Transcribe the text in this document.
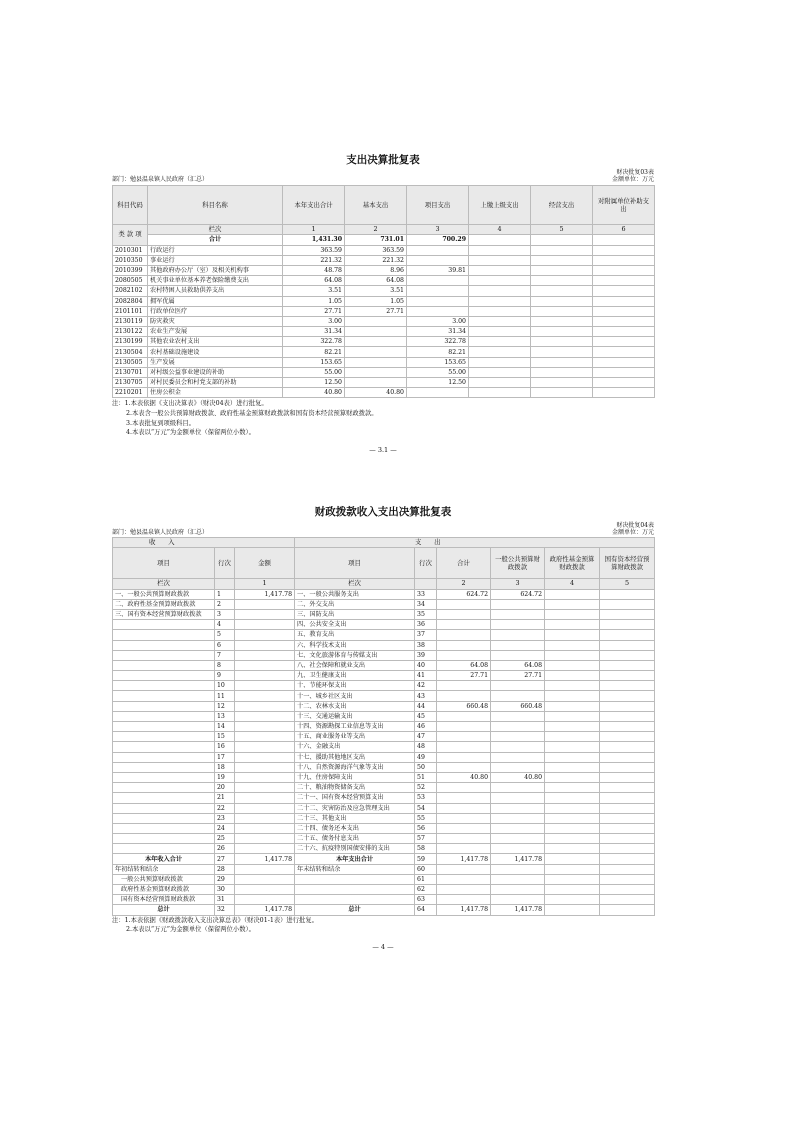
支出决算批复表
财决批复03表
部门：勉县温泉镇人民政府（汇总）	金额单位：万元
科目代码	科目名称	本年支出合计	基本支出	项目支出	上缴上级支出	经营支出	对附属单位补助支出
类 款 项	栏次	1	2	3	4	5	6
	合计	1,431.30	731.01	700.29			
2010301	行政运行	363.59	363.59				
2010350	事业运行	221.32	221.32				
2010399	其他政府办公厅（室）及相关机构事	48.78	8.96	39.81			
2080505	机关事业单位基本养老保险缴费支出	64.08	64.08				
2082102	农村特困人员救助供养支出	3.51	3.51				
2082804	拥军优属	1.05	1.05				
2101101	行政单位医疗	27.71	27.71				
2130119	防灾救灾	3.00		3.00			
2130122	农业生产发展	31.34		31.34			
2130199	其他农业农村支出	322.78		322.78			
2130504	农村基础设施建设	82.21		82.21			
2130505	生产发展	153.65		153.65			
2130701	对村级公益事业建设的补助	55.00		55.00			
2130705	对村民委员会和村党支部的补助	12.50		12.50			
2210201	住房公积金	40.80	40.80				
注：1.本表依据《支出决算表》（财决04表）进行批复。
2.本表含一般公共预算财政拨款、政府性基金预算财政拨款和国有资本经营预算财政拨款。
3.本表批复到项级科目。
4.本表以“万元”为金额单位（保留两位小数）。
— 3.1 —
财政拨款收入支出决算批复表
财决批复04表
部门：勉县温泉镇人民政府（汇总）	金额单位：万元
收　　入			支　　出					
项目	行次	金额	项目	行次	合计	一般公共预算财政拨款	政府性基金预算财政拨款	国有资本经营预算财政拨款
栏次		1	栏次		2	3	4	5
一、一般公共预算财政拨款	1	1,417.78	一、一般公共服务支出	33	624.72	624.72		
二、政府性基金预算财政拨款	2		二、外交支出	34				
三、国有资本经营预算财政拨款	3		三、国防支出	35				
	4		四、公共安全支出	36				
	5		五、教育支出	37				
	6		六、科学技术支出	38				
	7		七、文化旅游体育与传媒支出	39				
	8		八、社会保障和就业支出	40	64.08	64.08		
	9		九、卫生健康支出	41	27.71	27.71		
	10		十、节能环保支出	42				
	11		十一、城乡社区支出	43				
	12		十二、农林水支出	44	660.48	660.48		
	13		十三、交通运输支出	45				
	14		十四、资源勘探工业信息等支出	46				
	15		十五、商业服务业等支出	47				
	16		十六、金融支出	48				
	17		十七、援助其他地区支出	49				
	18		十八、自然资源海洋气象等支出	50				
	19		十九、住房保障支出	51	40.80	40.80		
	20		二十、粮油物资储备支出	52				
	21		二十一、国有资本经营预算支出	53				
	22		二十二、灾害防治及应急管理支出	54				
	23		二十三、其他支出	55				
	24		二十四、债务还本支出	56				
	25		二十五、债务付息支出	57				
	26		二十六、抗疫特别国债安排的支出	58				
本年收入合计	27	1,417.78	本年支出合计	59	1,417.78	1,417.78		
年初结转和结余	28		年末结转和结余	60				
一般公共预算财政拨款	29			61				
政府性基金预算财政拨款	30			62				
国有资本经营预算财政拨款	31			63				
总计	32	1,417.78	总计	64	1,417.78	1,417.78		
注：1.本表依据《财政拨款收入支出决算总表》（财决01-1表）进行批复。
2.本表以“万元”为金额单位（保留两位小数）。
— 4 —
